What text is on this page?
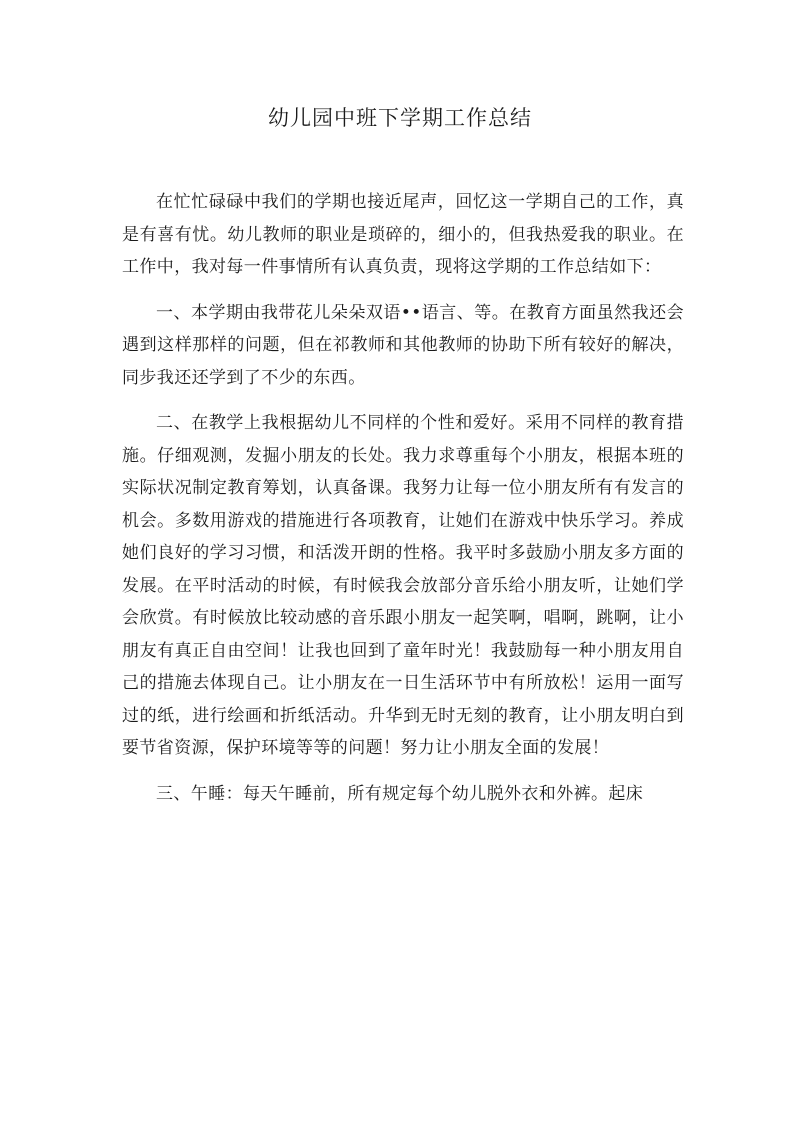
幼儿园中班下学期工作总结

在忙忙碌碌中我们的学期也接近尾声，回忆这一学期自己的工作，真是有喜有忧。幼儿教师的职业是琐碎的，细小的，但我热爱我的职业。在工作中，我对每一件事情所有认真负责，现将这学期的工作总结如下：

一、本学期由我带花儿朵朵双语••语言、等。在教育方面虽然我还会遇到这样那样的问题，但在祁教师和其他教师的协助下所有较好的解决，同步我还还学到了不少的东西。

二、在教学上我根据幼儿不同样的个性和爱好。采用不同样的教育措施。仔细观测，发掘小朋友的长处。我力求尊重每个小朋友，根据本班的实际状况制定教育筹划，认真备课。我努力让每一位小朋友所有有发言的机会。多数用游戏的措施进行各项教育，让她们在游戏中快乐学习。养成她们良好的学习习惯，和活泼开朗的性格。我平时多鼓励小朋友多方面的发展。在平时活动的时候，有时候我会放部分音乐给小朋友听，让她们学会欣赏。有时候放比较动感的音乐跟小朋友一起笑啊，唱啊，跳啊，让小朋友有真正自由空间！让我也回到了童年时光！我鼓励每一种小朋友用自己的措施去体现自己。让小朋友在一日生活环节中有所放松！运用一面写过的纸，进行绘画和折纸活动。升华到无时无刻的教育，让小朋友明白到要节省资源，保护环境等等的问题！努力让小朋友全面的发展！

三、午睡：每天午睡前，所有规定每个幼儿脱外衣和外裤。起床
